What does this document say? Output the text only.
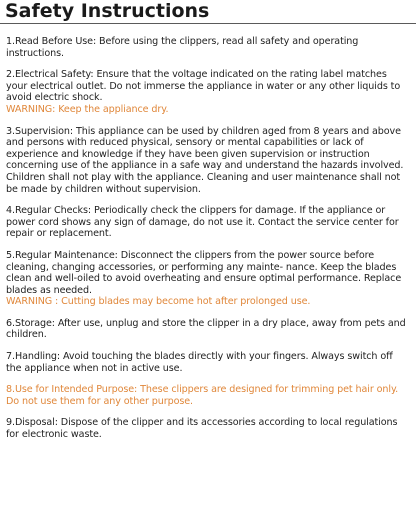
Safety Instructions

1.Read Before Use: Before using the clippers, read all safety and operating instructions.

2.Electrical Safety: Ensure that the voltage indicated on the rating label matches your electrical outlet. Do not immerse the appliance in water or any other liquids to avoid electric shock.

WARNING: Keep the appliance dry.

3.Supervision: This appliance can be used by children aged from 8 years and above and persons with reduced physical, sensory or mental capabilities or lack of experience and knowledge if they have been given supervision or instruction concerning use of the appliance in a safe way and understand the hazards involved. Children shall not play with the appliance. Cleaning and user maintenance shall not be made by children without supervision.

4.Regular Checks: Periodically check the clippers for damage. If the appliance or power cord shows any sign of damage, do not use it. Contact the service center for repair or replacement.

5.Regular Maintenance: Disconnect the clippers from the power source before cleaning, changing accessories, or performing any mainte- nance. Keep the blades clean and well-oiled to avoid overheating and ensure optimal performance. Replace blades as needed.

WARNING : Cutting blades may become hot after prolonged use.

6.Storage: After use, unplug and store the clipper in a dry place, away from pets and children.

7.Handling: Avoid touching the blades directly with your fingers. Always switch off the appliance when not in active use.

8.Use for Intended Purpose: These clippers are designed for trimming pet hair only. Do not use them for any other purpose.

9.Disposal: Dispose of the clipper and its accessories according to local regulations for electronic waste.
